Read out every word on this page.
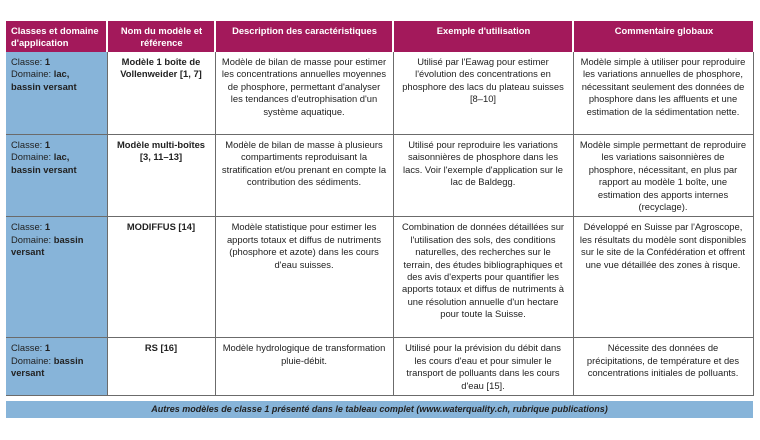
Classes et domaine d'application	Nom du modèle et référence	Description des caractéristiques	Exemple d'utilisation	Commentaire globaux

Classe: 1
Domaine: lac, bassin versant	Modèle 1 boîte de Vollenweider [1, 7]	Modèle de bilan de masse pour estimer les concentrations annuelles moyennes de phosphore, permettant d'analyser les tendances d'eutrophisation d'un système aquatique.	Utilisé par l'Eawag pour estimer l'évolution des concentrations en phosphore des lacs du plateau suisses [8–10]	Modèle simple à utiliser pour reproduire les variations annuelles de phosphore, nécessitant seulement des données de phosphore dans les affluents et une estimation de la sédimentation nette.

Classe: 1
Domaine: lac, bassin versant	Modèle multi-boîtes [3, 11–13]	Modèle de bilan de masse à plusieurs compartiments reproduisant la stratification et/ou prenant en compte la contribution des sédiments.	Utilisé pour reproduire les variations saisonnières de phosphore dans les lacs. Voir l'exemple d'application sur le lac de Baldegg.	Modèle simple permettant de reproduire les variations saisonnières de phosphore, nécessitant, en plus par rapport au modèle 1 boîte, une estimation des apports internes (recyclage).

Classe: 1
Domaine: bassin versant	MODIFFUS [14]	Modèle statistique pour estimer les apports totaux et diffus de nutriments (phosphore et azote) dans les cours d'eau suisses.	Combination de données détaillées sur l'utilisation des sols, des conditions naturelles, des recherches sur le terrain, des études bibliographiques et des avis d'experts pour quantifier les apports totaux et diffus de nutriments à une résolution annuelle d'un hectare pour toute la Suisse.	Développé en Suisse par l'Agroscope, les résultats du modèle sont disponibles sur le site de la Confédération et offrent une vue détaillée des zones à risque.

Classe: 1
Domaine: bassin versant	RS [16]	Modèle hydrologique de transformation pluie-débit.	Utilisé pour la prévision du débit dans les cours d'eau et pour simuler le transport de polluants dans les cours d'eau [15].	Nécessite des données de précipitations, de température et des concentrations initiales de polluants.
Autres modèles de classe 1 présenté dans le tableau complet (www.waterquality.ch, rubrique publications)
